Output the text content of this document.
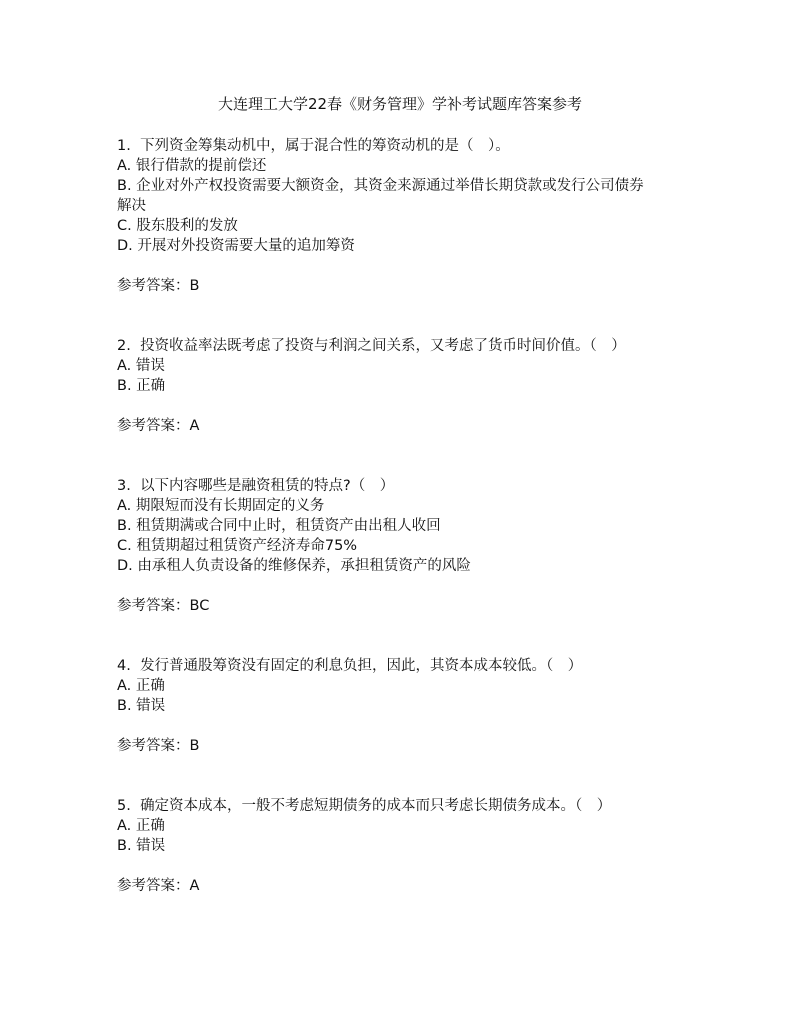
大连理工大学22春《财务管理》学补考试题库答案参考
1. 下列资金筹集动机中，属于混合性的筹资动机的是（　）。
A. 银行借款的提前偿还
B. 企业对外产权投资需要大额资金，其资金来源通过举借长期贷款或发行公司债券
解决
C. 股东股利的发放
D. 开展对外投资需要大量的追加筹资
参考答案：B
2. 投资收益率法既考虑了投资与利润之间关系，又考虑了货币时间价值。（　）
A. 错误
B. 正确
参考答案：A
3. 以下内容哪些是融资租赁的特点?（　）
A. 期限短而没有长期固定的义务
B. 租赁期满或合同中止时，租赁资产由出租人收回
C. 租赁期超过租赁资产经济寿命75%
D. 由承租人负责设备的维修保养，承担租赁资产的风险
参考答案：BC
4. 发行普通股筹资没有固定的利息负担，因此，其资本成本较低。（　）
A. 正确
B. 错误
参考答案：B
5. 确定资本成本，一般不考虑短期债务的成本而只考虑长期债务成本。（　）
A. 正确
B. 错误
参考答案：A
